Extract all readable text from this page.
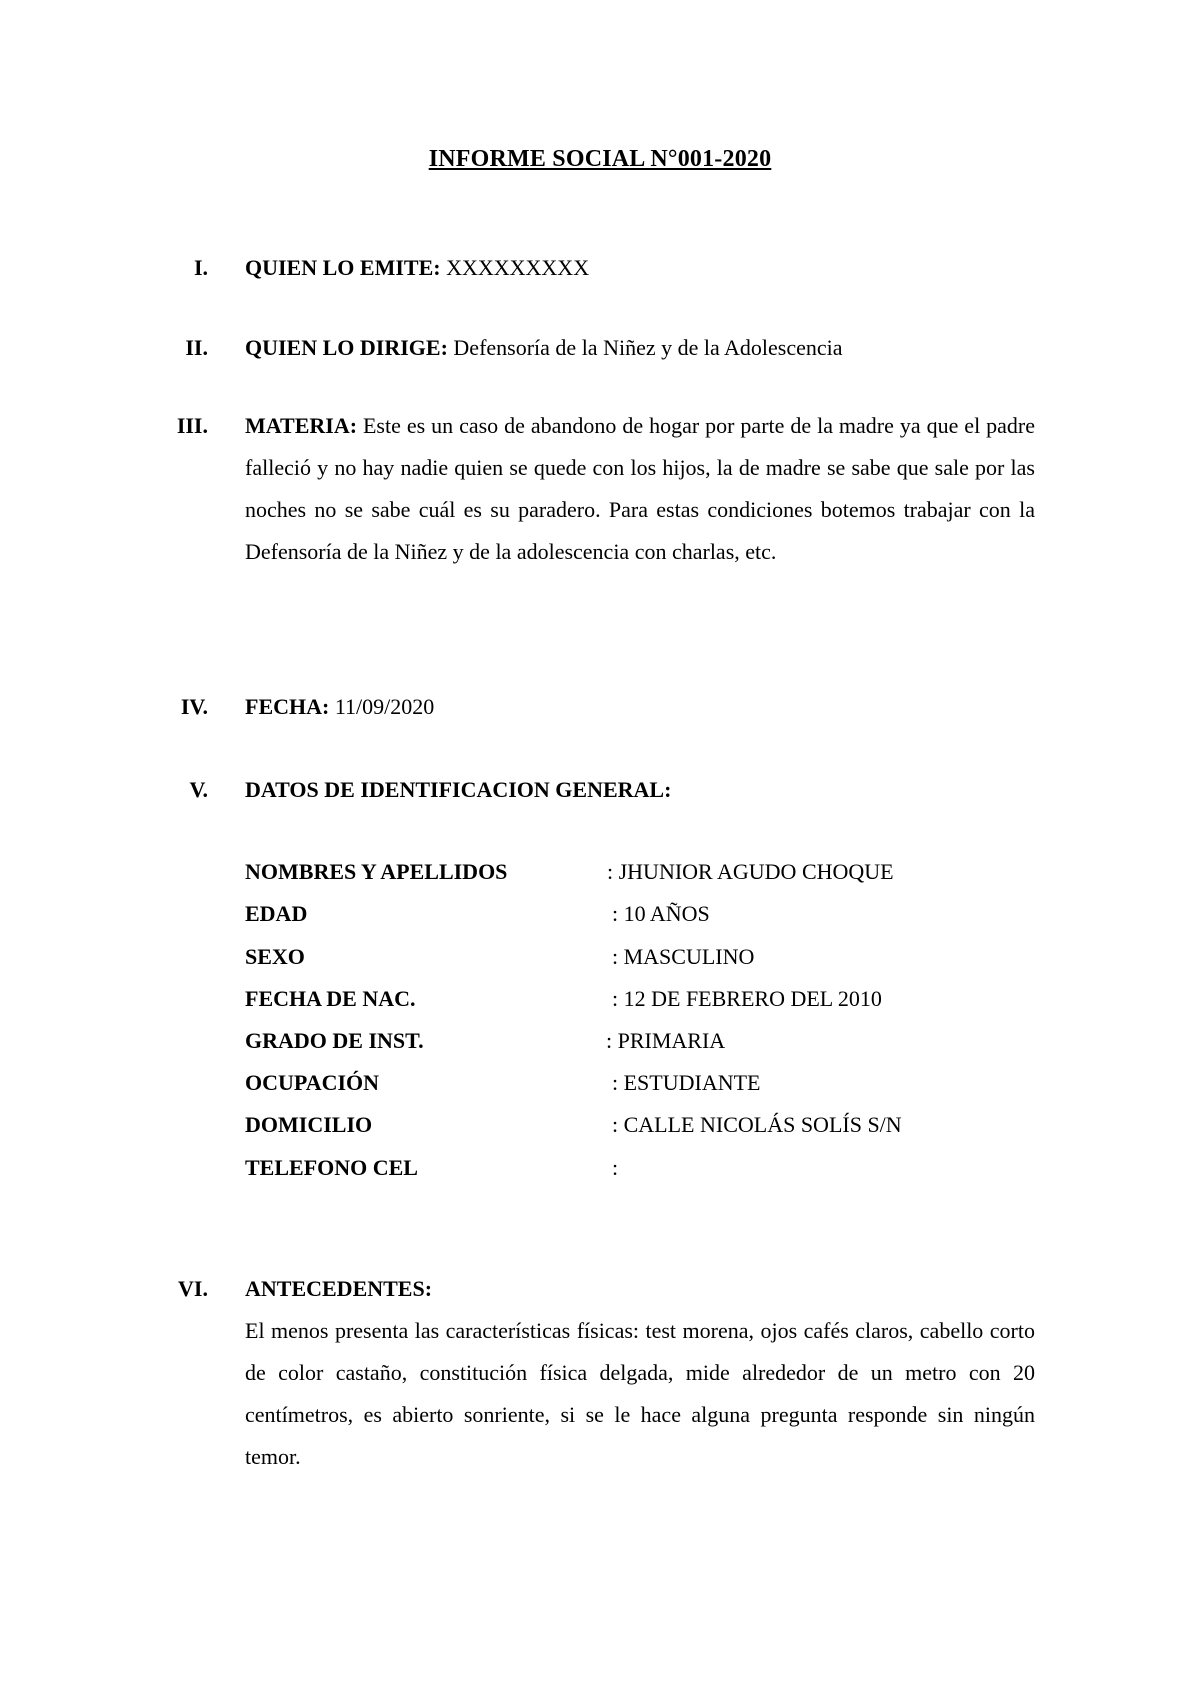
INFORME SOCIAL N°001-2020
I. QUIEN LO EMITE: XXXXXXXXX
II. QUIEN LO DIRIGE: Defensoría de la Niñez y de la Adolescencia
III. MATERIA: Este es un caso de abandono de hogar por parte de la madre ya que el padre falleció y no hay nadie quien se quede con los hijos, la de madre se sabe que sale por las noches no se sabe cuál es su paradero. Para estas condiciones botemos trabajar con la Defensoría de la Niñez y de la adolescencia con charlas, etc.
IV. FECHA: 11/09/2020
V. DATOS DE IDENTIFICACION GENERAL:
NOMBRES Y APELLIDOS	: JHUNIOR AGUDO CHOQUE
EDAD	: 10 AÑOS
SEXO	: MASCULINO
FECHA DE NAC.	: 12 DE FEBRERO DEL 2010
GRADO DE INST.	: PRIMARIA
OCUPACIÓN	: ESTUDIANTE
DOMICILIO	: CALLE NICOLÁS SOLÍS S/N
TELEFONO CEL	:
VI. ANTECEDENTES:
El menos presenta las características físicas: test morena, ojos cafés claros, cabello corto de color castaño, constitución física delgada, mide alrededor de un metro con 20 centímetros, es abierto sonriente, si se le hace alguna pregunta responde sin ningún temor.
